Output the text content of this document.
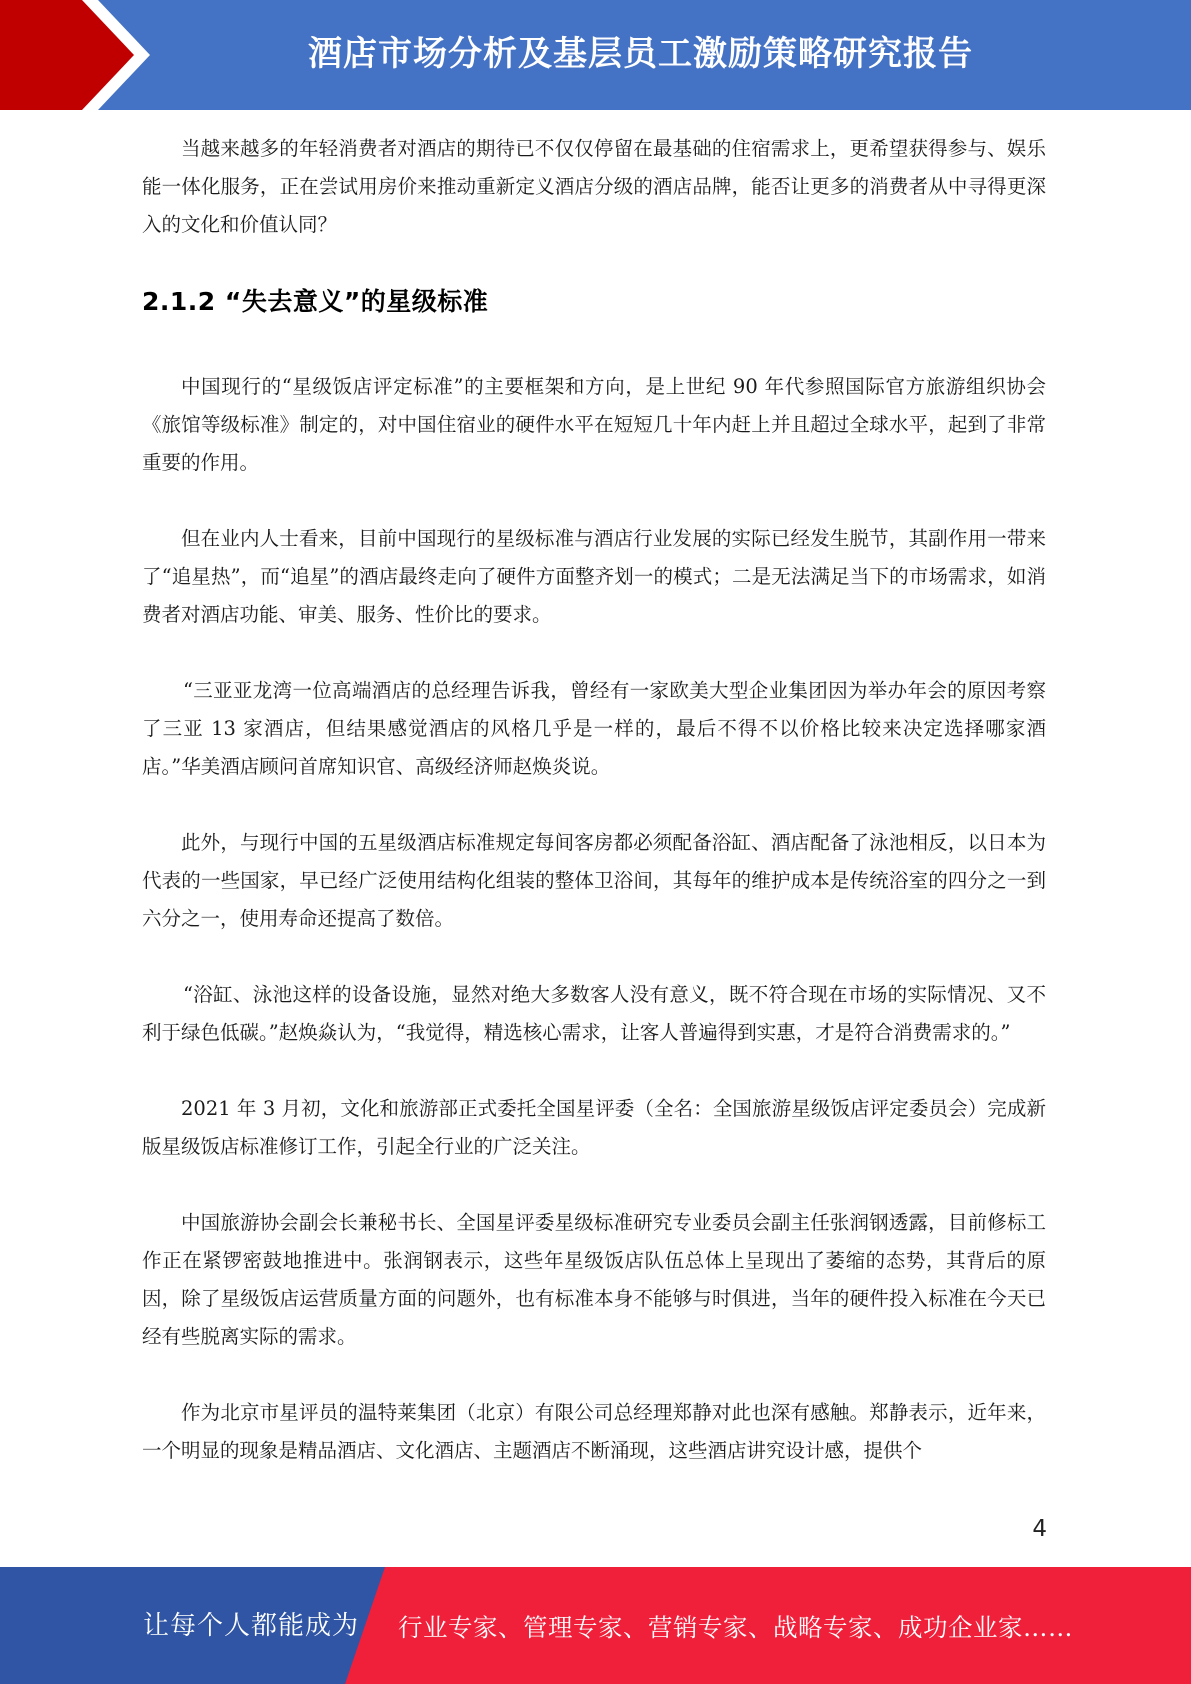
酒店市场分析及基层员工激励策略研究报告

当越来越多的年轻消费者对酒店的期待已不仅仅停留在最基础的住宿需求上，更希望获得参与、娱乐能一体化服务，正在尝试用房价来推动重新定义酒店分级的酒店品牌，能否让更多的消费者从中寻得更深入的文化和价值认同？

2.1.2 “失去意义”的星级标准

中国现行的“星级饭店评定标准”的主要框架和方向，是上世纪 90 年代参照国际官方旅游组织协会《旅馆等级标准》制定的，对中国住宿业的硬件水平在短短几十年内赶上并且超过全球水平，起到了非常重要的作用。

但在业内人士看来，目前中国现行的星级标准与酒店行业发展的实际已经发生脱节，其副作用一带来了“追星热”，而“追星”的酒店最终走向了硬件方面整齐划一的模式；二是无法满足当下的市场需求，如消费者对酒店功能、审美、服务、性价比的要求。

“三亚亚龙湾一位高端酒店的总经理告诉我，曾经有一家欧美大型企业集团因为举办年会的原因考察了三亚 13 家酒店，但结果感觉酒店的风格几乎是一样的，最后不得不以价格比较来决定选择哪家酒店。”华美酒店顾问首席知识官、高级经济师赵焕炎说。

此外，与现行中国的五星级酒店标准规定每间客房都必须配备浴缸、酒店配备了泳池相反，以日本为代表的一些国家，早已经广泛使用结构化组装的整体卫浴间，其每年的维护成本是传统浴室的四分之一到六分之一，使用寿命还提高了数倍。

“浴缸、泳池这样的设备设施，显然对绝大多数客人没有意义，既不符合现在市场的实际情况、又不利于绿色低碳。”赵焕焱认为，“我觉得，精选核心需求，让客人普遍得到实惠，才是符合消费需求的。”

2021 年 3 月初，文化和旅游部正式委托全国星评委（全名：全国旅游星级饭店评定委员会）完成新版星级饭店标准修订工作，引起全行业的广泛关注。

中国旅游协会副会长兼秘书长、全国星评委星级标准研究专业委员会副主任张润钢透露，目前修标工作正在紧锣密鼓地推进中。张润钢表示，这些年星级饭店队伍总体上呈现出了萎缩的态势，其背后的原因，除了星级饭店运营质量方面的问题外，也有标准本身不能够与时俱进，当年的硬件投入标准在今天已经有些脱离实际的需求。

作为北京市星评员的温特莱集团（北京）有限公司总经理郑静对此也深有感触。郑静表示，近年来，一个明显的现象是精品酒店、文化酒店、主题酒店不断涌现，这些酒店讲究设计感，提供个

4
让每个人都能成为 行业专家、管理专家、营销专家、战略专家、成功企业家……
